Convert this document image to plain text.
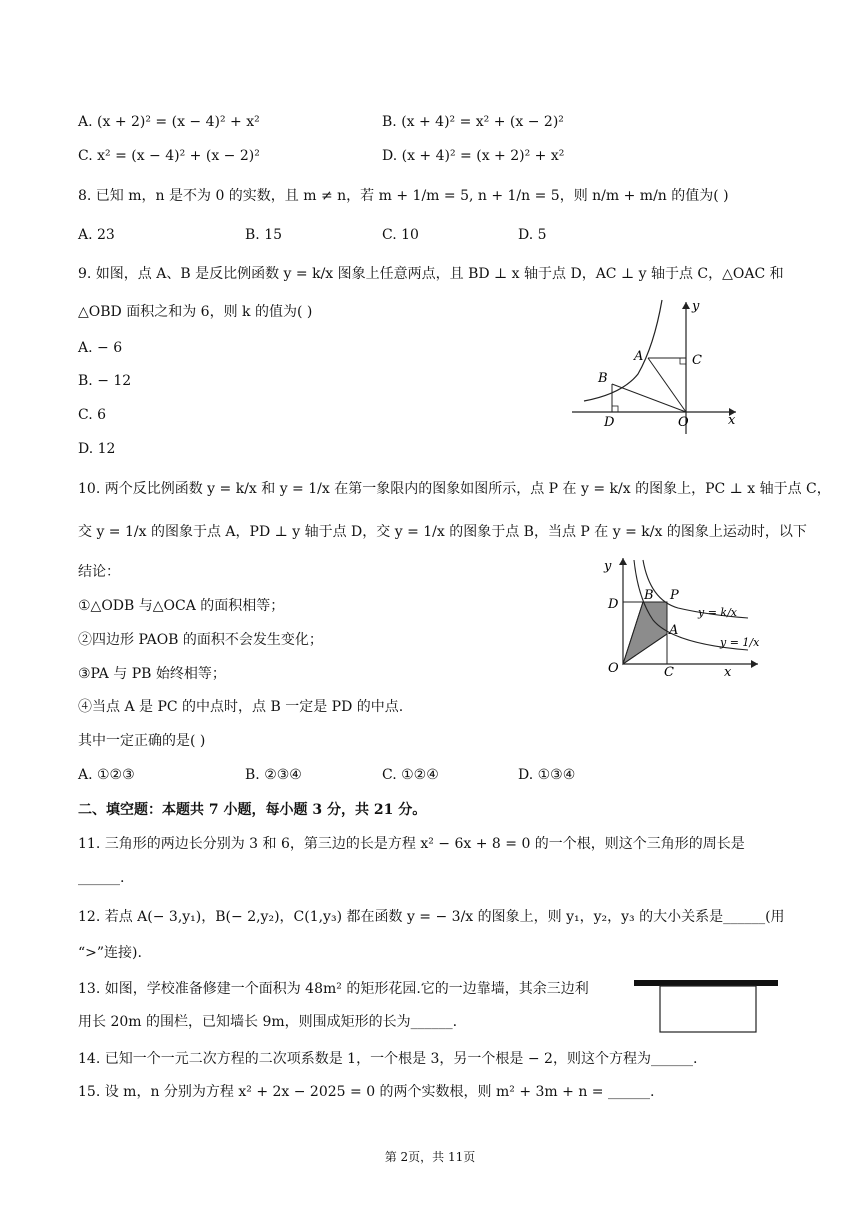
A. (x + 2)² = (x − 4)² + x²	B. (x + 4)² = x² + (x − 2)²
C. x² = (x − 4)² + (x − 2)²	D. (x + 4)² = (x + 2)² + x²
8. 已知 m，n 是不为 0 的实数，且 m ≠ n，若 m + 1/m = 5, n + 1/n = 5，则 n/m + m/n 的值为( )
A. 23	B. 15	C. 10	D. 5
9. 如图，点 A、B 是反比例函数 y = k/x 图象上任意两点，且 BD ⊥ x 轴于点 D，AC ⊥ y 轴于点 C，△OAC 和
△OBD 面积之和为 6，则 k 的值为( )
A. − 6
B. − 12
C. 6
D. 12
y
x
A
B
C
D	O
10. 两个反比例函数 y = k/x 和 y = 1/x 在第一象限内的图象如图所示，点 P 在 y = k/x 的图象上，PC ⊥ x 轴于点 C，
交 y = 1/x 的图象于点 A，PD ⊥ y 轴于点 D，交 y = 1/x 的图象于点 B，当点 P 在 y = k/x 的图象上运动时，以下
结论：
①△ODB 与△OCA 的面积相等；
②四边形 PAOB 的面积不会发生变化；
③PA 与 PB 始终相等；
④当点 A 是 PC 的中点时，点 B 一定是 PD 的中点.
其中一定正确的是( )
A. ①②③	B. ②③④	C. ①②④	D. ①③④
y
x
D
B P
A
O	C
y = k/x
y = 1/x
二、填空题：本题共 7 小题，每小题 3 分，共 21 分。
11. 三角形的两边长分别为 3 和 6，第三边的长是方程 x² − 6x + 8 = 0 的一个根，则这个三角形的周长是
______.
12. 若点 A(− 3,y₁)，B(− 2,y₂)，C(1,y₃) 都在函数 y = − 3/x 的图象上，则 y₁，y₂，y₃ 的大小关系是______(用
“>”连接).
13. 如图，学校准备修建一个面积为 48m² 的矩形花园.它的一边靠墙，其余三边利
用长 20m 的围栏，已知墙长 9m，则围成矩形的长为______.
14. 已知一个一元二次方程的二次项系数是 1，一个根是 3，另一个根是 − 2，则这个方程为______.
15. 设 m，n 分别为方程 x² + 2x − 2025 = 0 的两个实数根，则 m² + 3m + n = ______.
第 2页，共 11页
